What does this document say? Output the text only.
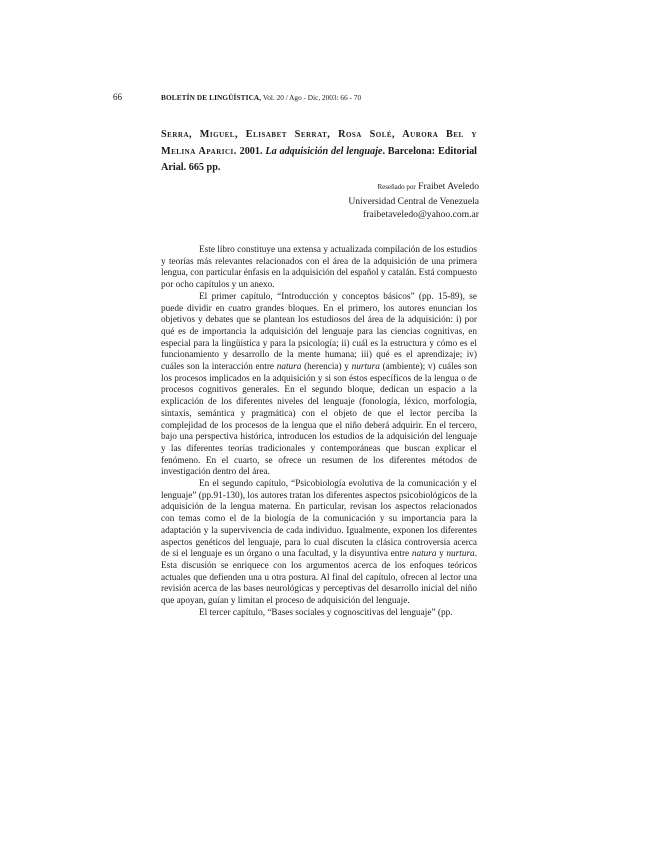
66	BOLETÍN DE LINGÜÍSTICA, Vol. 20 / Ago - Dic, 2003: 66 - 70
Serra, Miguel, Elisabet Serrat, Rosa Solé, Aurora Bel y Melina Aparici. 2001. La adquisición del lenguaje. Barcelona: Editorial Arial. 665 pp.
Reseñado por Fraibet Aveledo
Universidad Central de Venezuela
fraibetaveledo@yahoo.com.ar

Este libro constituye una extensa y actualizada compilación de los estudios y teorías más relevantes relacionados con el área de la adquisición de una primera lengua, con particular énfasis en la adquisición del español y catalán. Está compuesto por ocho capítulos y un anexo.

El primer capítulo, “Introducción y conceptos básicos” (pp. 15-89), se puede dividir en cuatro grandes bloques. En el primero, los autores enuncian los objetivos y debates que se plantean los estudiosos del área de la adquisición: i) por qué es de importancia la adquisición del lenguaje para las ciencias cognitivas, en especial para la lingüística y para la psicología; ii) cuál es la estructura y cómo es el funcionamiento y desarrollo de la mente humana; iii) qué es el aprendizaje; iv) cuáles son la interacción entre natura (herencia) y nurtura (ambiente); v) cuáles son los procesos implicados en la adquisición y si son éstos específicos de la lengua o de procesos cognitivos generales. En el segundo bloque, dedican un espacio a la explicación de los diferentes niveles del lenguaje (fonología, léxico, morfología, sintaxis, semántica y pragmática) con el objeto de que el lector perciba la complejidad de los procesos de la lengua que el niño deberá adquirir. En el tercero, bajo una perspectiva histórica, introducen los estudios de la adquisición del lenguaje y las diferentes teorías tradicionales y contemporáneas que buscan explicar el fenómeno. En el cuarto, se ofrece un resumen de los diferentes métodos de investigación dentro del área.

En el segundo capítulo, “Psicobiología evolutiva de la comunicación y el lenguaje” (pp.91-130), los autores tratan los diferentes aspectos psicobiológicos de la adquisición de la lengua materna. En particular, revisan los aspectos relacionados con temas como el de la biología de la comunicación y su importancia para la adaptación y la supervivencia de cada individuo. Igualmente, exponen los diferentes aspectos genéticos del lenguaje, para lo cual discuten la clásica controversia acerca de si el lenguaje es un órgano o una facultad, y la disyuntiva entre natura y nurtura. Esta discusión se enriquece con los argumentos acerca de los enfoques teóricos actuales que defienden una u otra postura. Al final del capítulo, ofrecen al lector una revisión acerca de las bases neurológicas y perceptivas del desarrollo inicial del niño que apoyan, guían y limitan el proceso de adquisición del lenguaje.

El tercer capítulo, “Bases sociales y cognoscitivas del lenguaje” (pp.
